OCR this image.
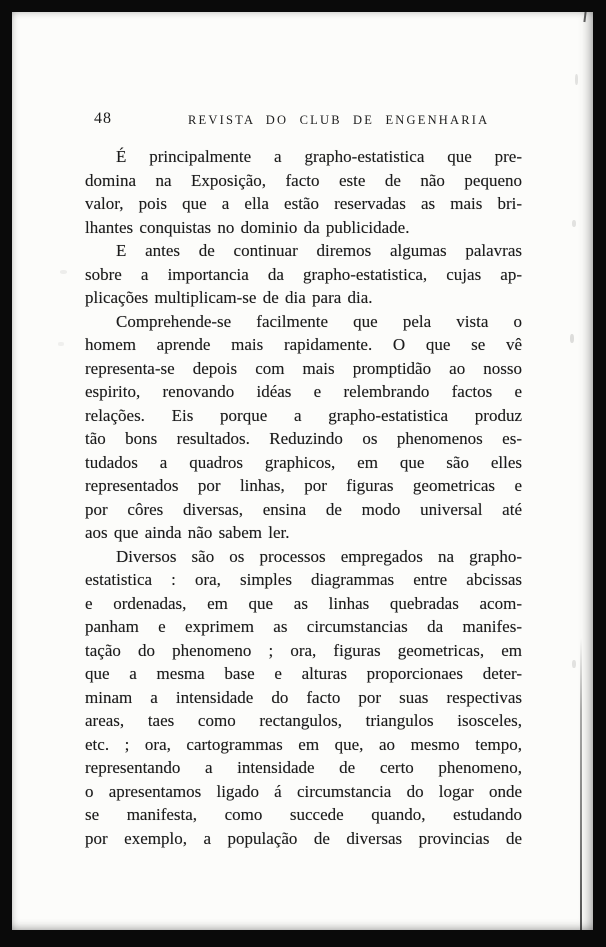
48	REVISTA DO CLUB DE ENGENHARIA
É principalmente a grapho-estatistica que pre-
domina na Exposição, facto este de não pequeno
valor, pois que a ella estão reservadas as mais bri-
lhantes conquistas no dominio da publicidade.
E antes de continuar diremos algumas palavras
sobre a importancia da grapho-estatistica, cujas ap-
plicações multiplicam-se de dia para dia.
Comprehende-se facilmente que pela vista o
homem aprende mais rapidamente. O que se vê
representa-se depois com mais promptidão ao nosso
espirito, renovando idéas e relembrando factos e
relações. Eis porque a grapho-estatistica produz
tão bons resultados. Reduzindo os phenomenos es-
tudados a quadros graphicos, em que são elles
representados por linhas, por figuras geometricas e
por côres diversas, ensina de modo universal até
aos que ainda não sabem ler.
Diversos são os processos empregados na grapho-
estatistica : ora, simples diagrammas entre abcissas
e ordenadas, em que as linhas quebradas acom-
panham e exprimem as circumstancias da manifes-
tação do phenomeno ; ora, figuras geometricas, em
que a mesma base e alturas proporcionaes deter-
minam a intensidade do facto por suas respectivas
areas, taes como rectangulos, triangulos isosceles,
etc. ; ora, cartogrammas em que, ao mesmo tempo,
representando a intensidade de certo phenomeno,
o apresentamos ligado á circumstancia do logar onde
se manifesta, como succede quando, estudando
por exemplo, a população de diversas provincias de
